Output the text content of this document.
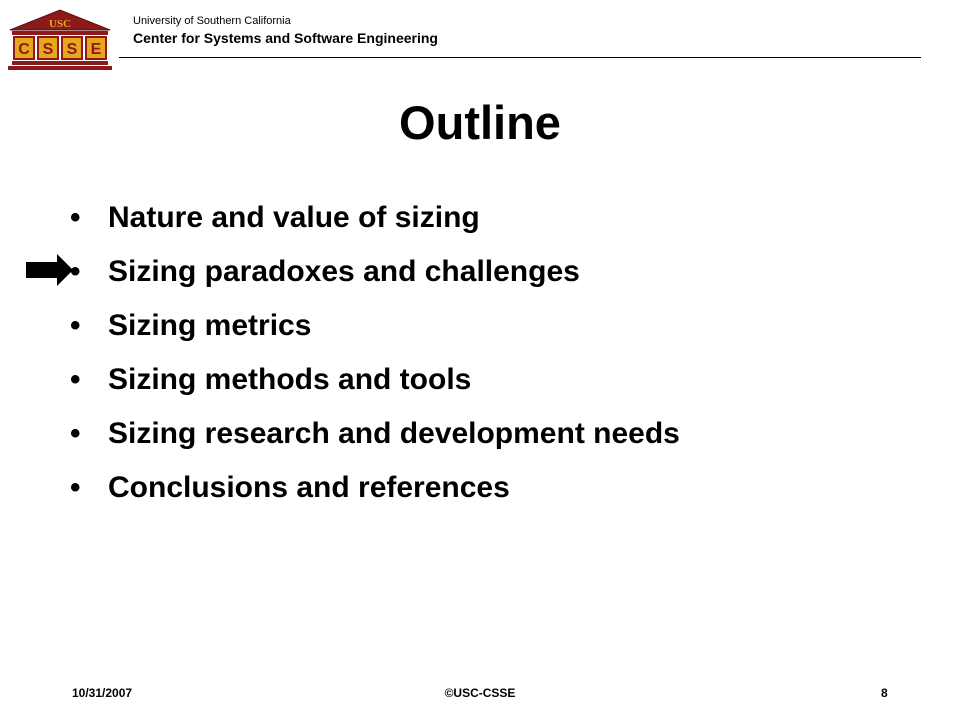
USC
C S S E
University of Southern California
Center for Systems and Software Engineering
Outline
• Nature and value of sizing
• Sizing paradoxes and challenges
• Sizing metrics
• Sizing methods and tools
• Sizing research and development needs
• Conclusions and references
10/31/2007	©USC-CSSE	8
